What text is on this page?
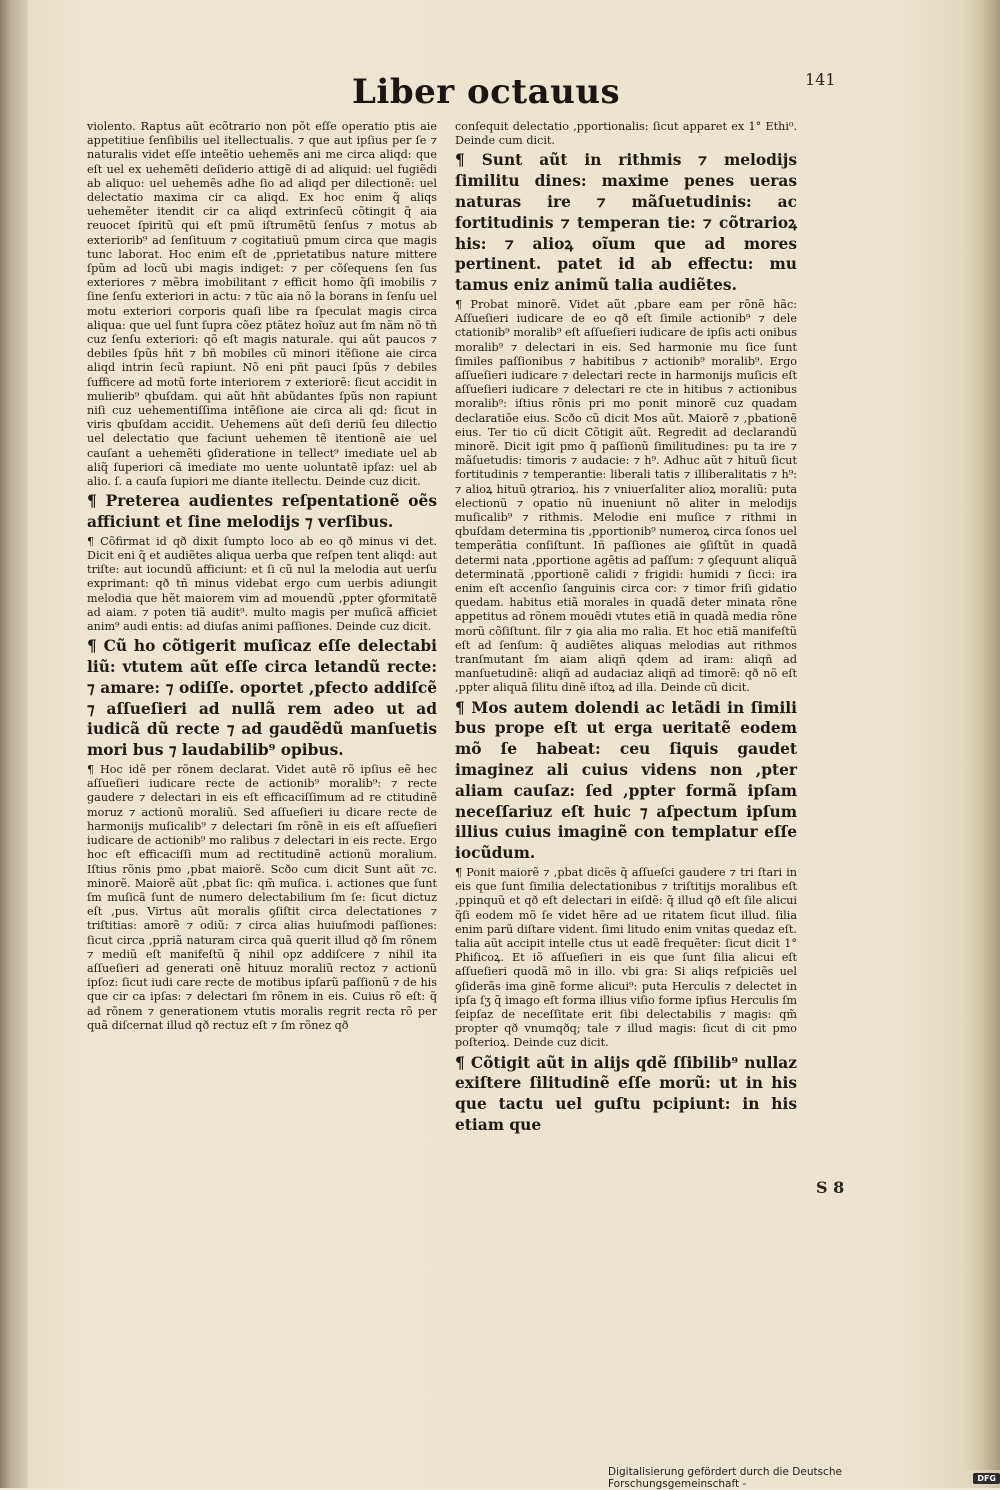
Liber octauus	141

violento. Raptus aũt ecõtrario non põt eſſe operatio ptis aie appetitiue ſenſibilis uel itellectualis. ⁊ que aut ipſius per ſe ⁊ naturalis videt eſſe inteẽtio uehemẽs ani me circa aliqd: que eſt uel ex uehemẽti deſiderio attigẽ di ad aliquid: uel fugiẽdi ab aliquo: uel uehemẽs adhe ſio ad aliqd per dilectionẽ: uel delectatio maxima cir ca aliqd. Ex hoc enim q̃ aliqs uehemẽter itendit cir ca aliqd extrinſecũ cõtingit q̃ aia reuocet ſpiritũ qui eſt pmũ iſtrumẽtũ ſenſus ⁊ motus ab exteriorib⁹ ad ſenſituum ⁊ cogitatiuũ pmum circa que magis tunc laborat. Hoc enim eſt de ,pprietatibus nature mittere ſpũm ad locũ ubi magis indiget: ⁊ per cõſequens ſen ſus exteriores ⁊ mẽbra imobilitant ⁊ efficit homo q̃ſi imobilis ⁊ ſine ſenſu exteriori in actu: ⁊ tũc aia nõ la borans in ſenſu uel motu exteriori corporis quaſi libe ra ſpeculat magis circa aliqua: que uel ſunt ſupra cõez ptãtez hoĩuz aut ſm nãm nõ tñ cuz ſenſu exteriori: qõ eſt magis naturale. qui aũt paucos ⁊ debiles ſpũs hñt ⁊ bñ mobiles cũ minori itẽſione aie circa aliqd intrin ſecũ rapiunt. Nõ eni pñt pauci ſpũs ⁊ debiles ſufficere ad motũ forte interiorem ⁊ exteriorẽ: ſicut accidit in mulierib⁹ qbuſdam. qui aũt hñt abũdantes ſpũs non rapiunt niſi cuz uehementiſſima intẽſione aie circa ali qd: ſicut in viris qbuſdam accidit. Uehemens aũt deſi deriũ ſeu dilectio uel delectatio que faciunt uehemen tẽ itentionẽ aie uel cauſant a uehemẽti ꝯſideratione in tellect⁹ imediate uel ab aliq̃ ſuperiori cã imediate mo uente uoluntatẽ ipſaz: uel ab alio. ſ. a cauſa ſupiori me diante itellectu. Deinde cuz dicit.

¶ Preterea audientes reſpentationẽ oẽs afficiunt et ſine melodijs ⁊ verſibus.

¶ Cõfirmat id qð dixit ſumpto loco ab eo qð minus vi det. Dicit eni q̃ et audiẽtes aliqua uerba que reſpen tent aliqd: aut triſte: aut iocundũ afficiunt: et ſi cũ nul la melodia aut uerſu exprimant: qð tñ minus videbat ergo cum uerbis adiungit melodia que hẽt maiorem vim ad mouendũ ,ppter ꝯformitatẽ ad aiam. ⁊ poten tiã audit⁹. multo magis per muſicã afficiet anim⁹ audi entis: ad diuſas animi paſſiones. Deinde cuz dicit.

¶ Cũ ho cõtigerit muſicaz eſſe delectabi liũ: vtutem aũt eſſe circa letandũ recte: ⁊ amare: ⁊ odiſſe. oportet ,pfecto addiſcẽ ⁊ aſſueſieri ad nullã rem adeo ut ad iudicã dũ recte ⁊ ad gaudẽdũ manſuetis mori bus ⁊ laudabilib⁹ opibus.

¶ Hoc idẽ per rõnem declarat. Videt autẽ rõ ipſius eẽ hec aſſueſieri iudicare recte de actionib⁹ moralib⁹: ⁊ recte gaudere ⁊ delectari in eis eſt efficaciſſimum ad re ctitudinẽ moruz ⁊ actionũ moraliũ. Sed aſſueſieri iu dicare recte de harmonijs muſicalib⁹ ⁊ delectari ſm rõnẽ in eis eſt aſſueſieri iudicare de actionib⁹ mo ralibus ⁊ delectari in eis recte. Ergo hoc eſt efficaciſſi mum ad rectitudinẽ actionũ moralium. Iſtius rõnis pmo ,pbat maiorẽ. Scðo cum dicit Sunt aũt ⁊c. minorẽ. Maiorẽ aũt ,pbat ſic: qm̃ muſica. i. actiones que ſunt ſm muſicã ſunt de numero delectabilium ſm ſe: ſicut dictuz eſt ,pus. Virtus aũt moralis ꝯſiſtit circa delectationes ⁊ triſtitias: amorẽ ⁊ odiũ: ⁊ circa alias huiuſmodi paſſiones: ſicut circa ,ppriã naturam circa quã querit illud qð ſm rõnem ⁊ mediũ eſt manifeſtũ q̃ nihil opz addiſcere ⁊ nihil ita aſſueſieri ad generati onẽ hituuz moraliũ rectoz ⁊ actionũ ipſoz: ſicut iudi care recte de motibus ipſarũ paſſionũ ⁊ de his que cir ca ipſas: ⁊ delectari ſm rõnem in eis. Cuius rõ eſt: q̃ ad rõnem ⁊ generationem vtutis moralis regrit recta rõ per quã diſcernat illud qð rectuz eſt ⁊ ſm rõnez qð

conſequit delectatio ,pportionalis: ſicut apparet ex 1° Ethi⁰. Deinde cum dicit.

¶ Sunt aũt in rithmis ⁊ melodijs ſimilitu dines: maxime penes ueras naturas ire ⁊ mãſuetudinis: ac fortitudinis ⁊ temperan tie: ⁊ cõtrarioꝝ his: ⁊ alioꝝ oĩum que ad mores pertinent. patet id ab effectu: mu tamus eniz animũ talia audiẽtes.

¶ Probat minorẽ. Videt aũt ,pbare eam per rõnẽ hãc: Aſſueſieri iudicare de eo qð eſt ſimile actionib⁹ ⁊ dele ctationib⁹ moralib⁹ eſt aſſueſieri iudicare de ipſis acti onibus moralib⁹ ⁊ delectari in eis. Sed harmonie mu ſice ſunt ſimiles paſſionibus ⁊ habitibus ⁊ actionib⁹ moralib⁹. Ergo aſſueſieri iudicare ⁊ delectari recte in harmonijs muſicis eſt aſſueſieri iudicare ⁊ delectari re cte in hitibus ⁊ actionibus moralib⁹: iſtius rõnis pri mo ponit minorẽ cuz quadam declaratiõe eius. Scðo cũ dicit Mos aũt. Maiorẽ ⁊ ,pbationẽ eius. Ter tio cũ dicit Cõtigit aũt. Regredit ad declarandũ minorẽ. Dicit igit pmo q̃ paſſionũ ſimilitudines: pu ta ire ⁊ mãſuetudis: timoris ⁊ audacie: ⁊ h⁹. Adhuc aũt ⁊ hituũ ſicut fortitudinis ⁊ temperantie: liberali tatis ⁊ illiberalitatis ⁊ h⁹: ⁊ alioꝝ hituũ ꝯtrarioꝝ. his ⁊ vniuerſaliter alioꝝ moraliũ: puta electionũ ⁊ opatio nũ inueniunt nõ aliter in melodijs muſicalib⁹ ⁊ rithmis. Melodie eni muſice ⁊ rithmi in qbuſdam determina tis ,pportionib⁹ numeroꝝ circa ſonos uel temperãtia conſiſtunt. Iñ paſſiones aie ꝯſiſtũt in quadã determi nata ,pportione agẽtis ad paſſum: ⁊ ꝯſequunt aliquã determinatã ,pportionẽ calidi ⁊ frigidi: humidi ⁊ ſicci: ira enim eſt accenſio ſanguinis circa cor: ⁊ timor friſi gidatio quedam. habitus etiã morales in quadã deter minata rõne appetitus ad rõnem mouẽdi vtutes etiã in quadã media rõne morũ cõſiſtunt. ſilr ⁊ ꝯia alia mo ralia. Et hoc etiã manifeſtũ eſt ad ſenſum: q̃ audiẽtes aliquas melodias aut rithmos tranſmutant ſm aiam aliqñ qdem ad iram: aliqñ ad manſuetudinẽ: aliqñ ad audaciaz aliqñ ad timorẽ: qð nõ eſt ,ppter aliquã ſilitu dinẽ iſtoꝝ ad illa. Deinde cũ dicit.

¶ Mos autem dolendi ac letãdi in ſimili bus prope eſt ut erga ueritatẽ eodem mõ ſe habeat: ceu ſiquis gaudet imaginez ali cuius videns non ,pter aliam cauſaz: ſed ,ppter formã ipſam neceſſariuz eſt huic ⁊ aſpectum ipſum illius cuius imaginẽ con templatur eſſe iocũdum.

¶ Ponit maiorẽ ⁊ ,pbat dicẽs q̃ aſſueſci gaudere ⁊ tri ſtari in eis que ſunt ſimilia delectationibus ⁊ triſtitijs moralibus eſt ,ppinquũ et qð eſt delectari in eiſdẽ: q̃ illud qð eſt ſile alicui q̃ſi eodem mõ ſe videt hẽre ad ue ritatem ſicut illud. ſilia enim parũ diſtare vident. ſimi litudo enim vnitas quedaz eſt. talia aũt accipit intelle ctus ut eadẽ frequẽter: ſicut dicit 1° Phiſicoꝝ. Et iõ aſſueſieri in eis que ſunt ſilia alicui eſt aſſueſieri quodã mõ in illo. vbi gra: Si aliqs reſpiciẽs uel ꝯſiderãs ima ginẽ forme alicui⁹: puta Herculis ⁊ delectet in ipſa ſʒ q̃ imago eſt forma illius viſio forme ipſius Herculis ſm ſeipſaz de neceſſitate erit ſibi delectabilis ⁊ magis: qm̃ propter qð vnumqðq; tale ⁊ illud magis: ſicut di cit pmo poſterioꝝ. Deinde cuz dicit.

¶ Cõtigit aũt in alijs qdẽ ſſibilib⁹ nullaz exiſtere ſilitudinẽ eſſe morũ: ut in his que tactu uel guſtu pcipiunt: in his etiam que

S 8
Digitalisierung gefördert durch die Deutsche Forschungsgemeinschaft -	DFG
